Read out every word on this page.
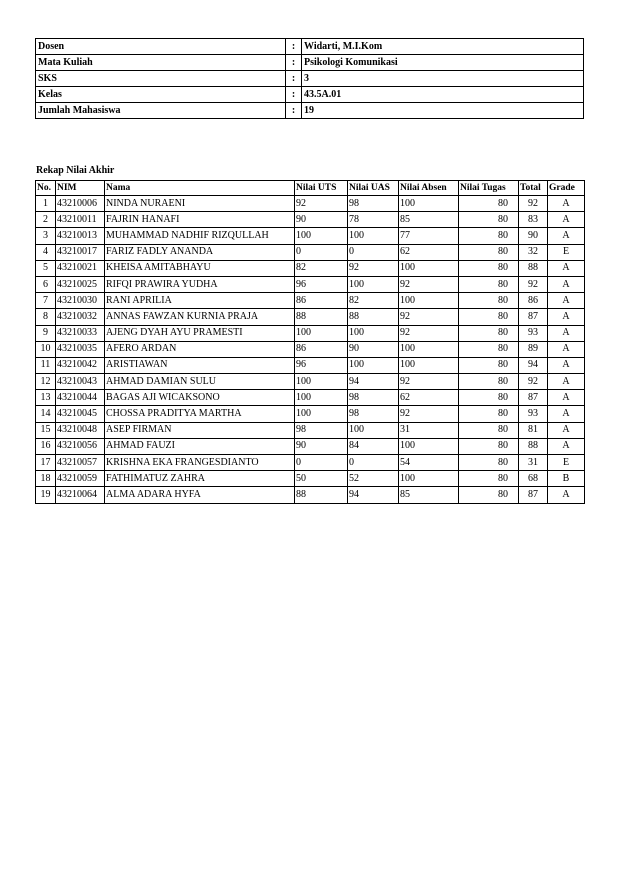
Dosen	:	Widarti, M.I.Kom
Mata Kuliah	:	Psikologi Komunikasi
SKS	:	3
Kelas	:	43.5A.01
Jumlah Mahasiswa	:	19
Rekap Nilai Akhir
No.	NIM	Nama	Nilai UTS	Nilai UAS	Nilai Absen	Nilai Tugas	Total	Grade
1	43210006	NINDA NURAENI	92	98	100	80	92	A
2	43210011	FAJRIN HANAFI	90	78	85	80	83	A
3	43210013	MUHAMMAD NADHIF RIZQULLAH	100	100	77	80	90	A
4	43210017	FARIZ FADLY ANANDA	0	0	62	80	32	E
5	43210021	KHEISA AMITABHAYU	82	92	100	80	88	A
6	43210025	RIFQI PRAWIRA YUDHA	96	100	92	80	92	A
7	43210030	RANI APRILIA	86	82	100	80	86	A
8	43210032	ANNAS FAWZAN KURNIA PRAJA	88	88	92	80	87	A
9	43210033	AJENG DYAH AYU PRAMESTI	100	100	92	80	93	A
10	43210035	AFERO ARDAN	86	90	100	80	89	A
11	43210042	ARISTIAWAN	96	100	100	80	94	A
12	43210043	AHMAD DAMIAN SULU	100	94	92	80	92	A
13	43210044	BAGAS AJI WICAKSONO	100	98	62	80	87	A
14	43210045	CHOSSA PRADITYA MARTHA	100	98	92	80	93	A
15	43210048	ASEP FIRMAN	98	100	31	80	81	A
16	43210056	AHMAD FAUZI	90	84	100	80	88	A
17	43210057	KRISHNA EKA FRANGESDIANTO	0	0	54	80	31	E
18	43210059	FATHIMATUZ ZAHRA	50	52	100	80	68	B
19	43210064	ALMA ADARA HYFA	88	94	85	80	87	A
